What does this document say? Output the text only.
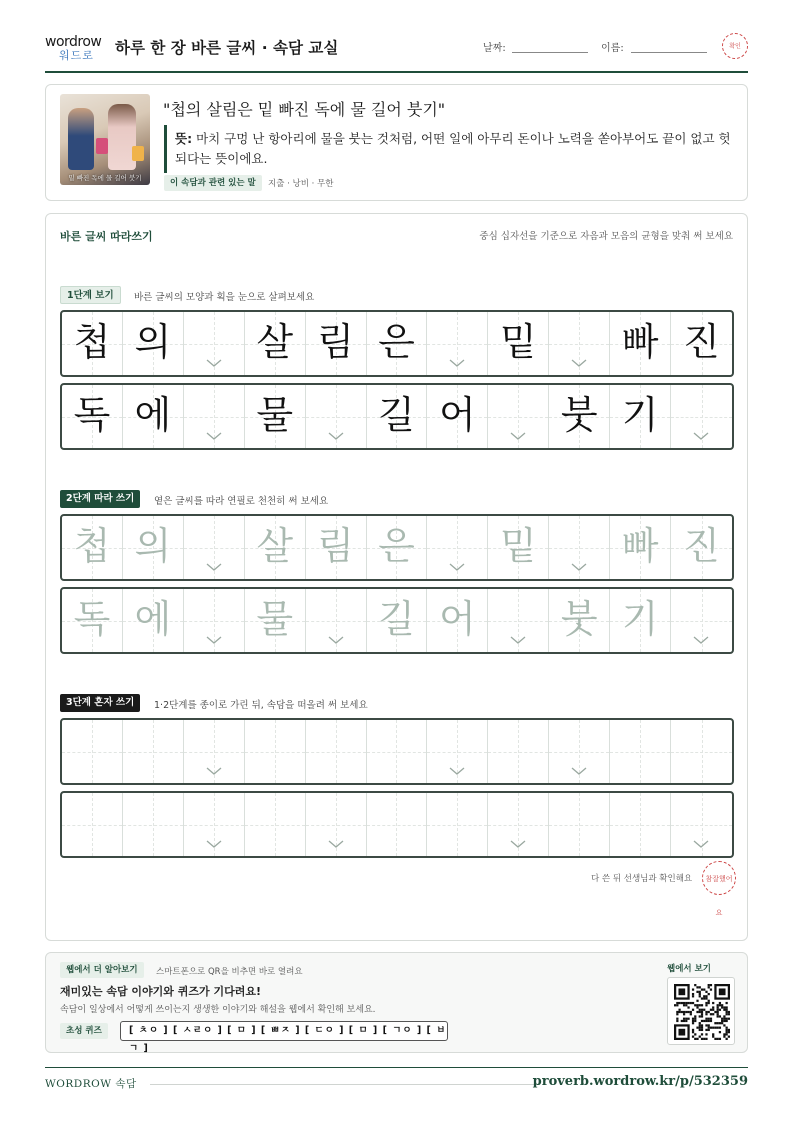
wordrow
워드로 하루 한 장 바른 글씨 · 속담 교실	날짜:	이름:	확인
밑 빠진 독에 물 길어 붓기
"첩의 살림은 밑 빠진 독에 물 길어 붓기"
뜻: 마치 구멍 난 항아리에 물을 붓는 것처럼, 어떤 일에 아무리 돈이나 노력을 쏟아부어도 끝이 없고 헛되다는 뜻이에요.
이 속담과 관련 있는 말	지출 · 낭비 · 무한
바른 글씨 따라쓰기	중심 십자선을 기준으로 자음과 모음의 균형을 맞춰 써 보세요
1단계 보기	바른 글씨의 모양과 획을 눈으로 살펴보세요
첩 의	살 림 은	밑	빠 진
독 에	물	길 어	붓 기
2단계 따라 쓰기	옅은 글씨를 따라 연필로 천천히 써 보세요
첩 의	살 림 은	밑	빠 진
독 에	물	길 어	붓 기
3단계 혼자 쓰기	1·2단계를 종이로 가린 뒤, 속담을 떠올려 써 보세요
다 쓴 뒤 선생님과 확인해요	참잘했어요
웹에서 더 알아보기	스마트폰으로 QR을 비추면 바로 열려요
재미있는 속담 이야기와 퀴즈가 기다려요!
속담이 일상에서 어떻게 쓰이는지 생생한 이야기와 해설을 웹에서 확인해 보세요.
초성 퀴즈	[ ㅊㅇ ] [ ㅅㄹㅇ ] [ ㅁ ] [ ㅃㅈ ] [ ㄷㅇ ] [ ㅁ ] [ ㄱㅇ ] [ ㅂㄱ ]
웹에서 보기
WORDROW 속담	proverb.wordrow.kr/p/532359
